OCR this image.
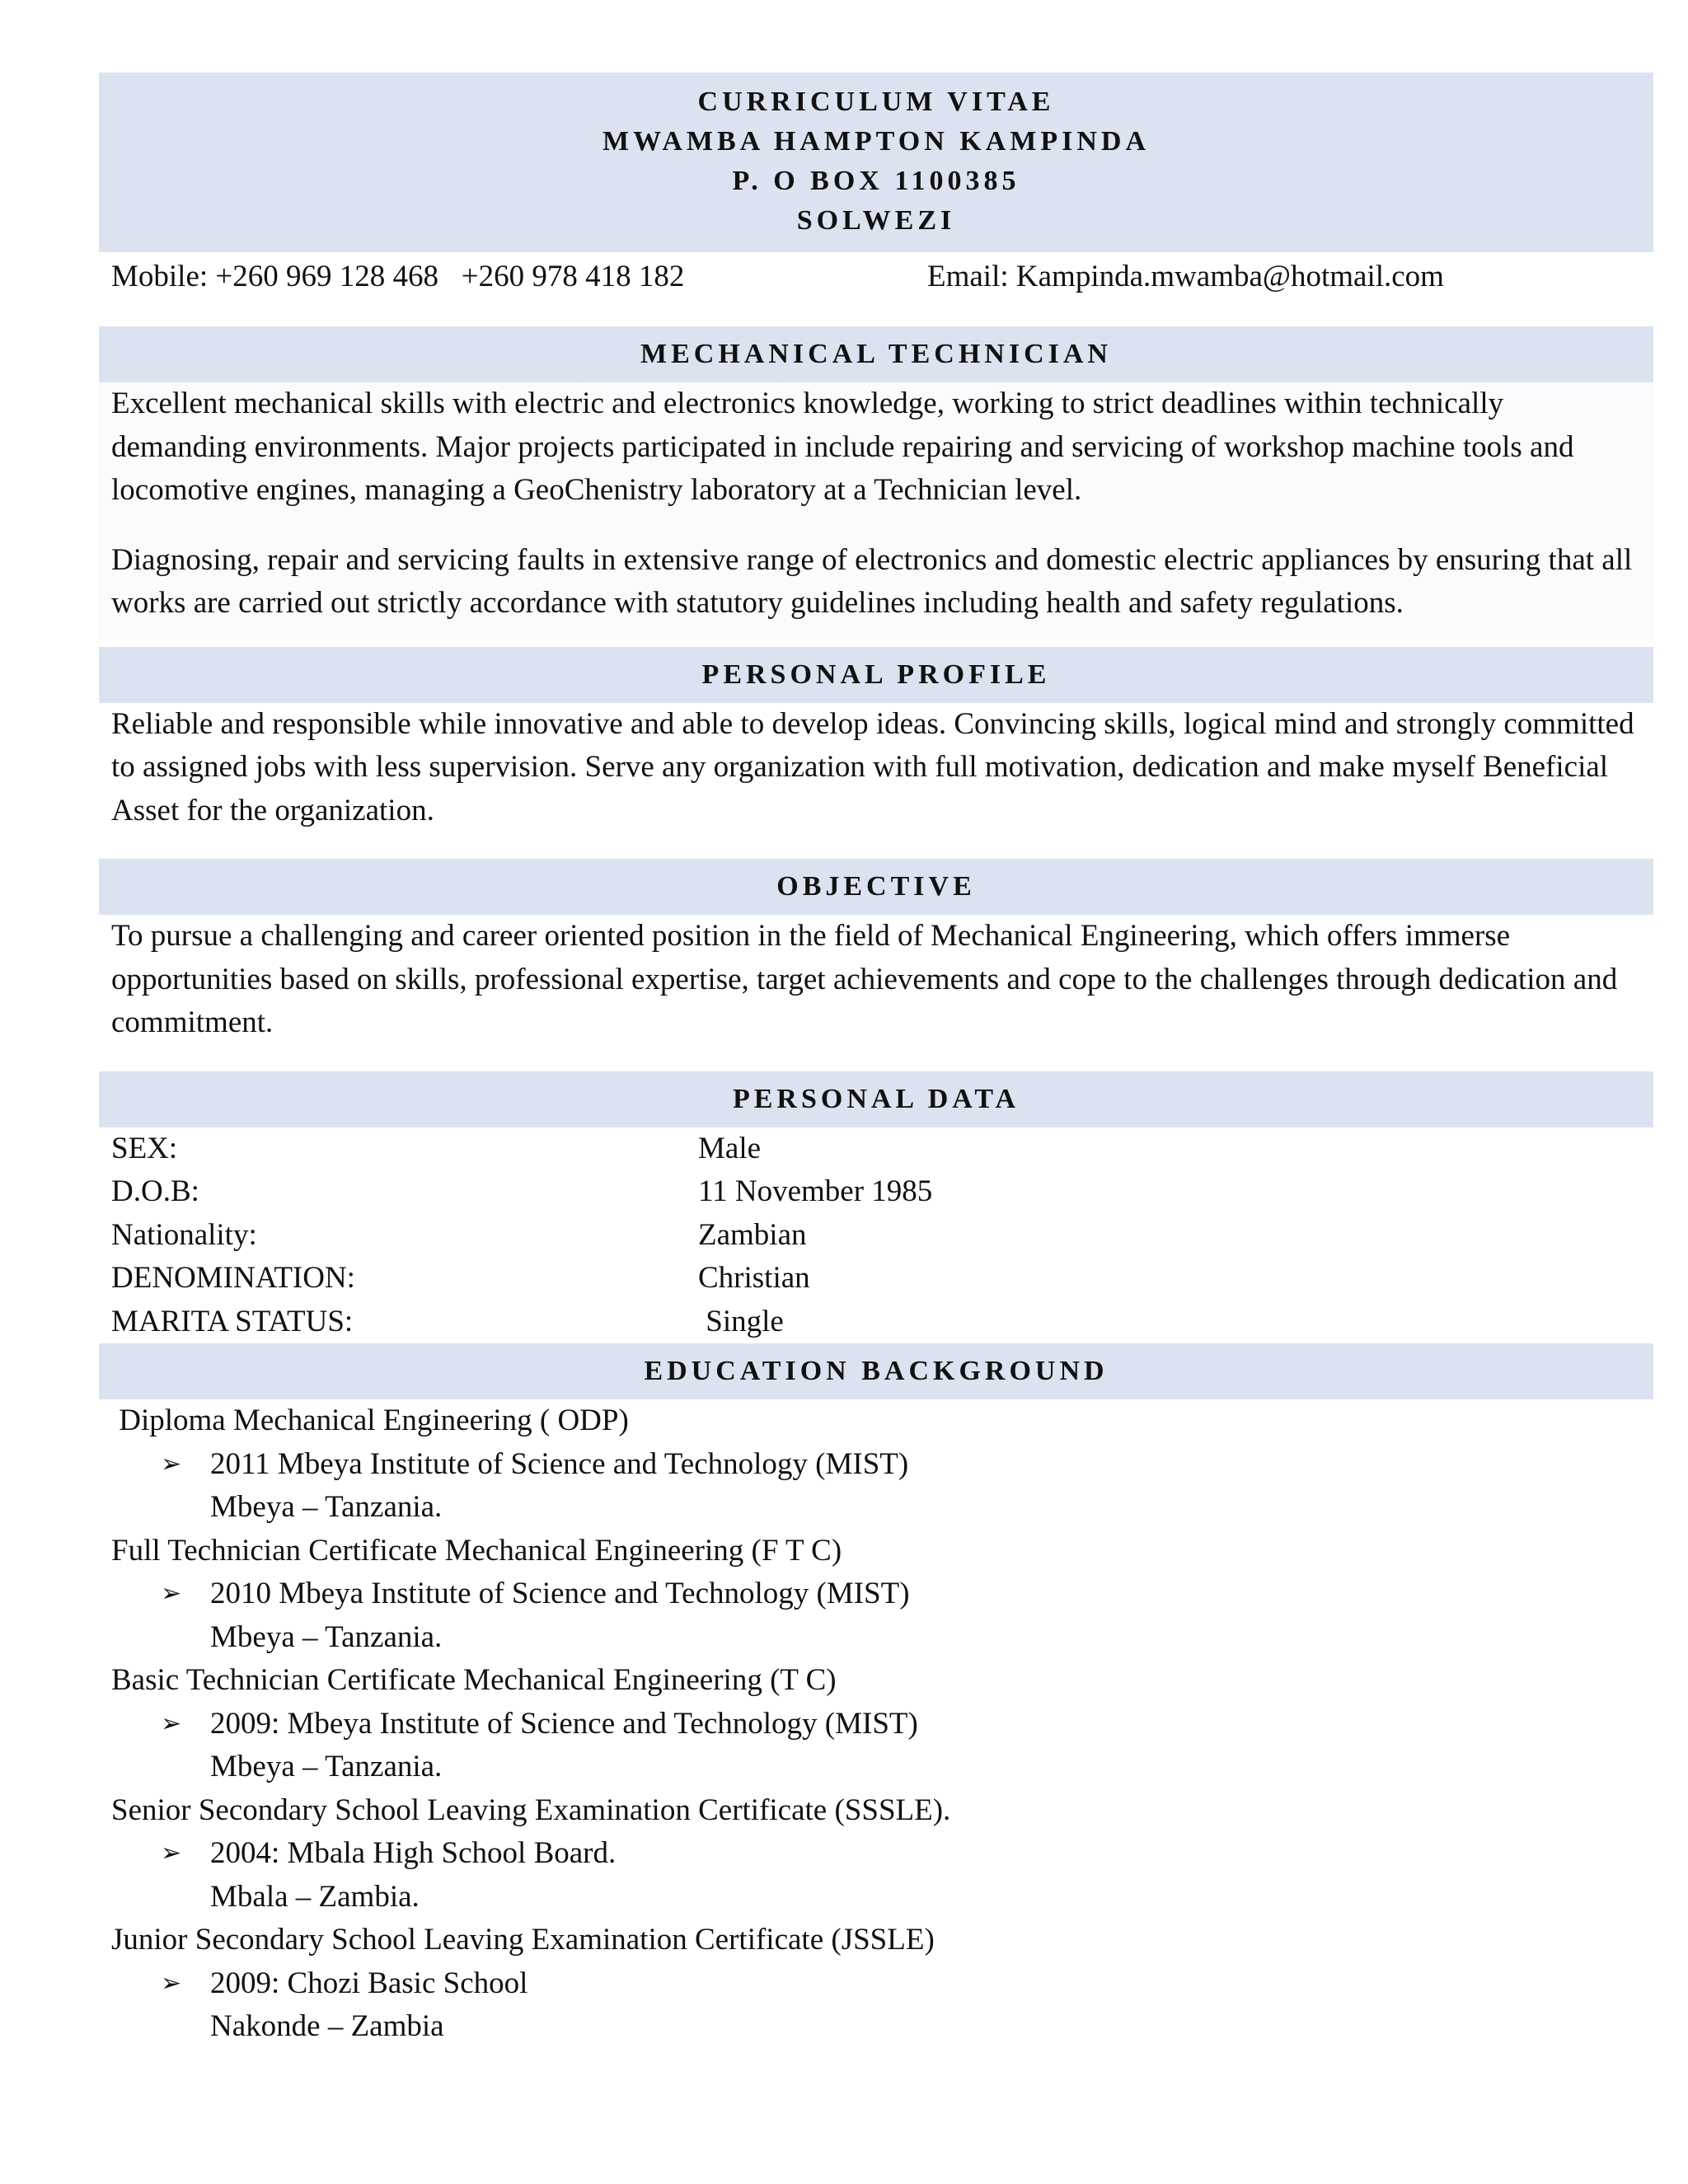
CURRICULUM VITAE
MWAMBA HAMPTON KAMPINDA
P. O BOX 1100385
SOLWEZI
Mobile: +260 969 128 468   +260 978 418 182	Email: Kampinda.mwamba@hotmail.com
MECHANICAL TECHNICIAN

Excellent mechanical skills with electric and electronics knowledge, working to strict deadlines within technically demanding environments. Major projects participated in include repairing and servicing of workshop machine tools and locomotive engines, managing a GeoChenistry laboratory at a Technician level.

Diagnosing, repair and servicing faults in extensive range of electronics and domestic electric appliances by ensuring that all works are carried out strictly accordance with statutory guidelines including health and safety regulations.

PERSONAL PROFILE

Reliable and responsible while innovative and able to develop ideas. Convincing skills, logical mind and strongly committed to assigned jobs with less supervision. Serve any organization with full motivation, dedication and make myself Beneficial Asset for the organization.

OBJECTIVE

To pursue a challenging and career oriented position in the field of Mechanical Engineering, which offers immerse opportunities based on skills, professional expertise, target achievements and cope to the challenges through dedication and commitment.

PERSONAL DATA
SEX:	Male
D.O.B:	11 November 1985
Nationality:	Zambian
DENOMINATION:	Christian
MARITA STATUS:	Single
EDUCATION BACKGROUND
Diploma Mechanical Engineering ( ODP)
➢ 2011 Mbeya Institute of Science and Technology (MIST)
Mbeya – Tanzania.
Full Technician Certificate Mechanical Engineering (F T C)
➢ 2010 Mbeya Institute of Science and Technology (MIST)
Mbeya – Tanzania.
Basic Technician Certificate Mechanical Engineering (T C)
➢ 2009: Mbeya Institute of Science and Technology (MIST)
Mbeya – Tanzania.
Senior Secondary School Leaving Examination Certificate (SSSLE).
➢ 2004: Mbala High School Board.
Mbala – Zambia.
Junior Secondary School Leaving Examination Certificate (JSSLE)
➢ 2009: Chozi Basic School
Nakonde – Zambia
